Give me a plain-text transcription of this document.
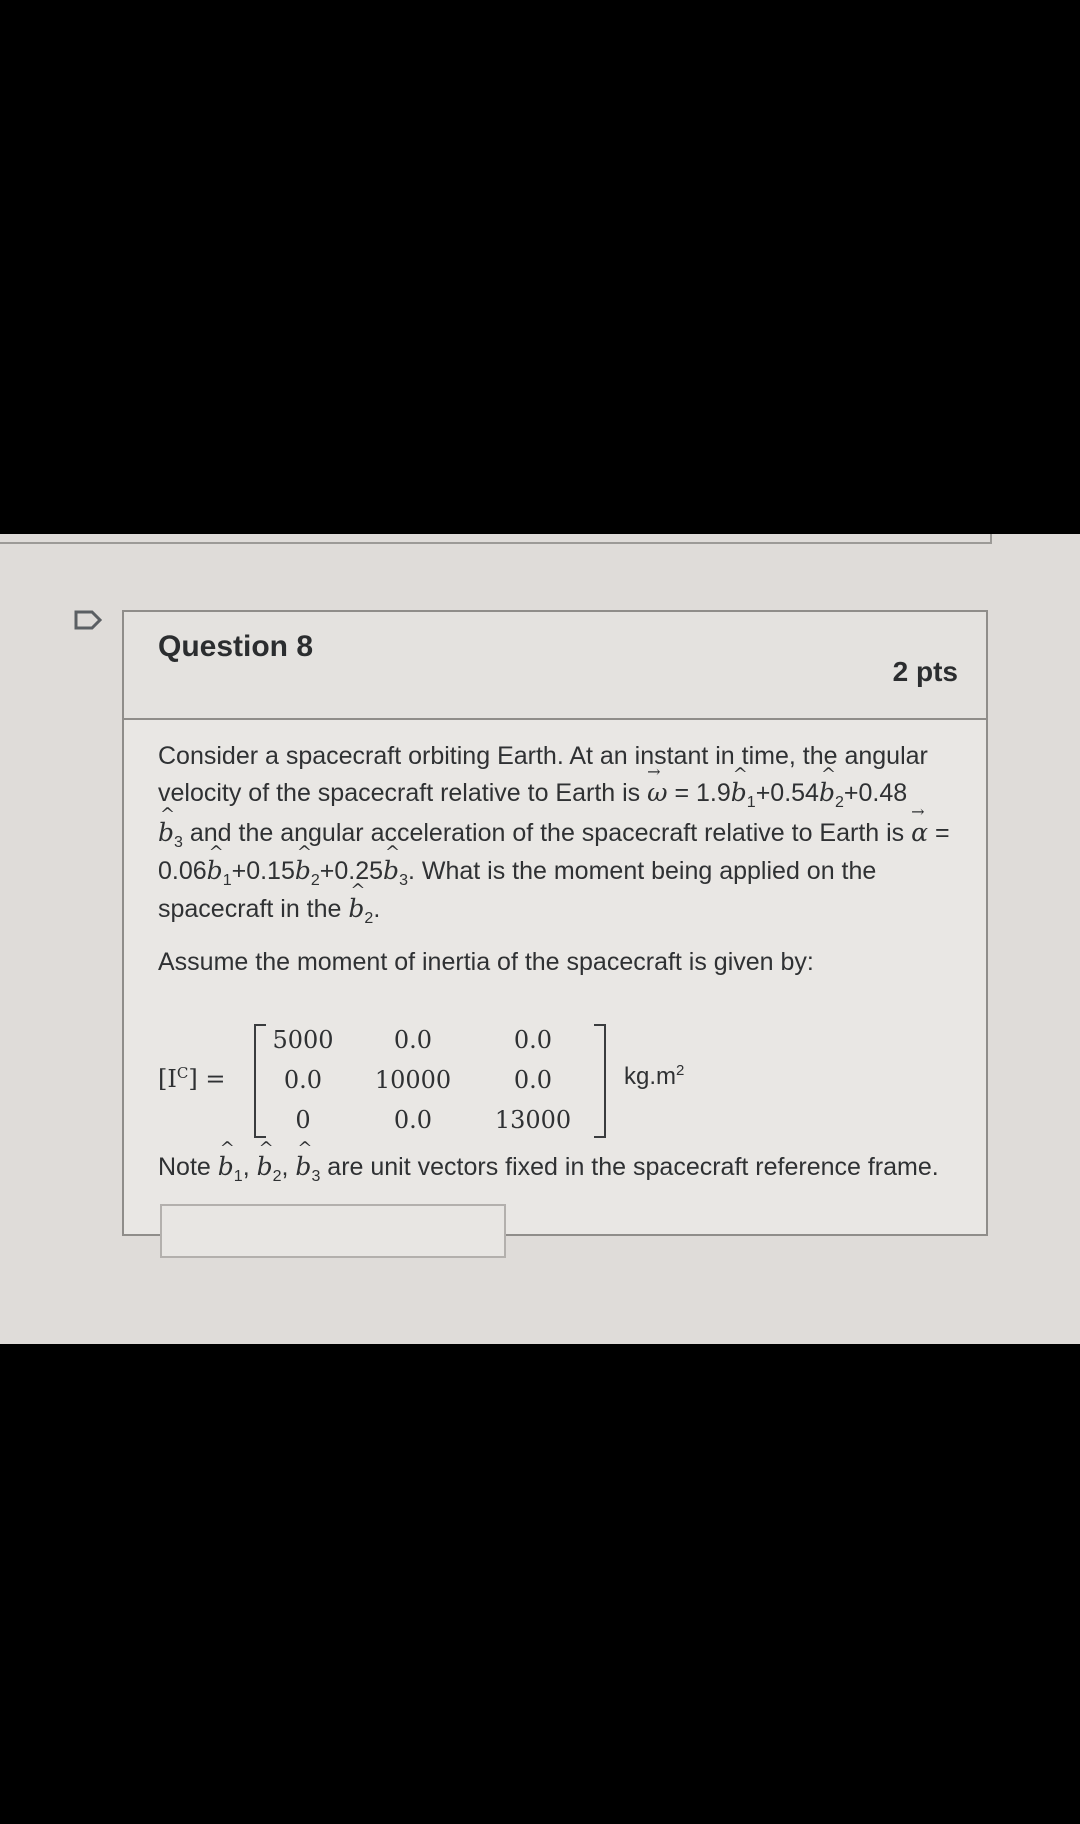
Question 8
2 pts
Consider a spacecraft orbiting Earth. At an instant in time, the angular
velocity of the spacecraft relative to Earth is → ω = 1.9^ $b_1+0.54\^{}$ $b_2+0.48$
^ $b_3$ and the angular acceleration of the spacecraft relative to Earth is → α =
0.06^ $b_1+0.15\^{}$ $b_2+0.25\^{}$ $b_3$. What is the moment being applied on the
spacecraft in the ^ $b_2$.
Assume the moment of inertia of the spacecraft is given by:
$[I^C]$ =
5000	0.0	0.0
0.0	10000	0.0
0	0.0	13000
$kg.m^2$
Note ^ $b_1$, ^ $b_2$, ^ $b_3$ are unit vectors fixed in the spacecraft reference frame.
